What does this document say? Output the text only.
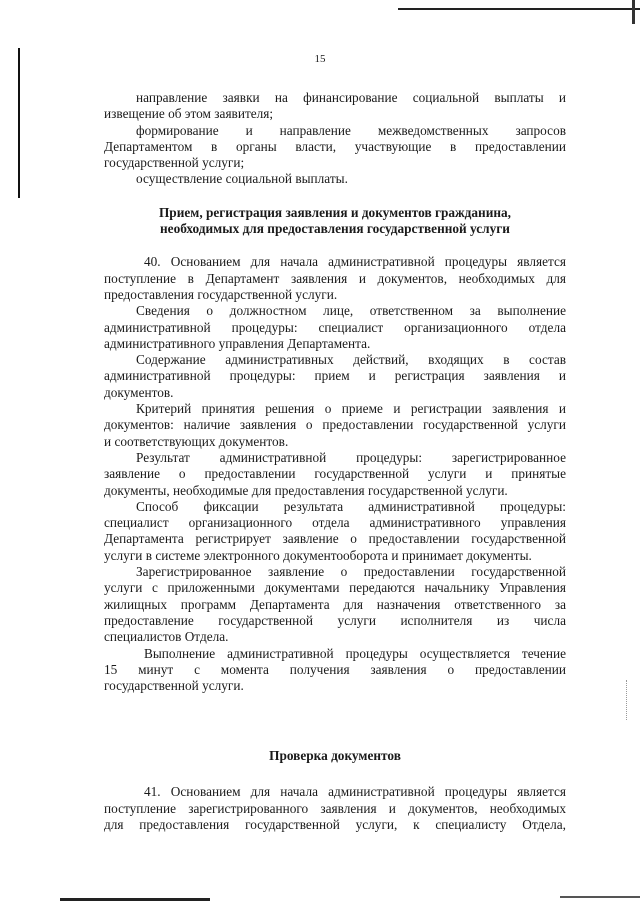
15

направление заявки на финансирование социальной выплаты и

извещение об этом заявителя;

формирование и направление межведомственных запросов

Департаментом в органы власти, участвующие в предоставлении

государственной услуги;

осуществление социальной выплаты.

Прием, регистрация заявления и документов гражданина,

необходимых для предоставления государственной услуги

40. Основанием для начала административной процедуры является

поступление в Департамент заявления и документов, необходимых для

предоставления государственной услуги.

Сведения о должностном лице, ответственном за выполнение

административной процедуры: специалист организационного отдела

административного управления Департамента.

Содержание административных действий, входящих в состав

административной процедуры: прием и регистрация заявления и

документов.

Критерий принятия решения о приеме и регистрации заявления и

документов: наличие заявления о предоставлении государственной услуги

и соответствующих документов.

Результат административной процедуры: зарегистрированное

заявление о предоставлении государственной услуги и принятые

документы, необходимые для предоставления государственной услуги.

Способ фиксации результата административной процедуры:

специалист организационного отдела административного управления

Департамента регистрирует заявление о предоставлении государственной

услуги в системе электронного документооборота и принимает документы.

Зарегистрированное заявление о предоставлении государственной

услуги с приложенными документами передаются начальнику Управления

жилищных программ Департамента для назначения ответственного за

предоставление государственной услуги исполнителя из числа

специалистов Отдела.

Выполнение административной процедуры осуществляется течение

15 минут с момента получения заявления о предоставлении

государственной услуги.

Проверка документов

41. Основанием для начала административной процедуры является

поступление зарегистрированного заявления и документов, необходимых

для предоставления государственной услуги, к специалисту Отдела,
